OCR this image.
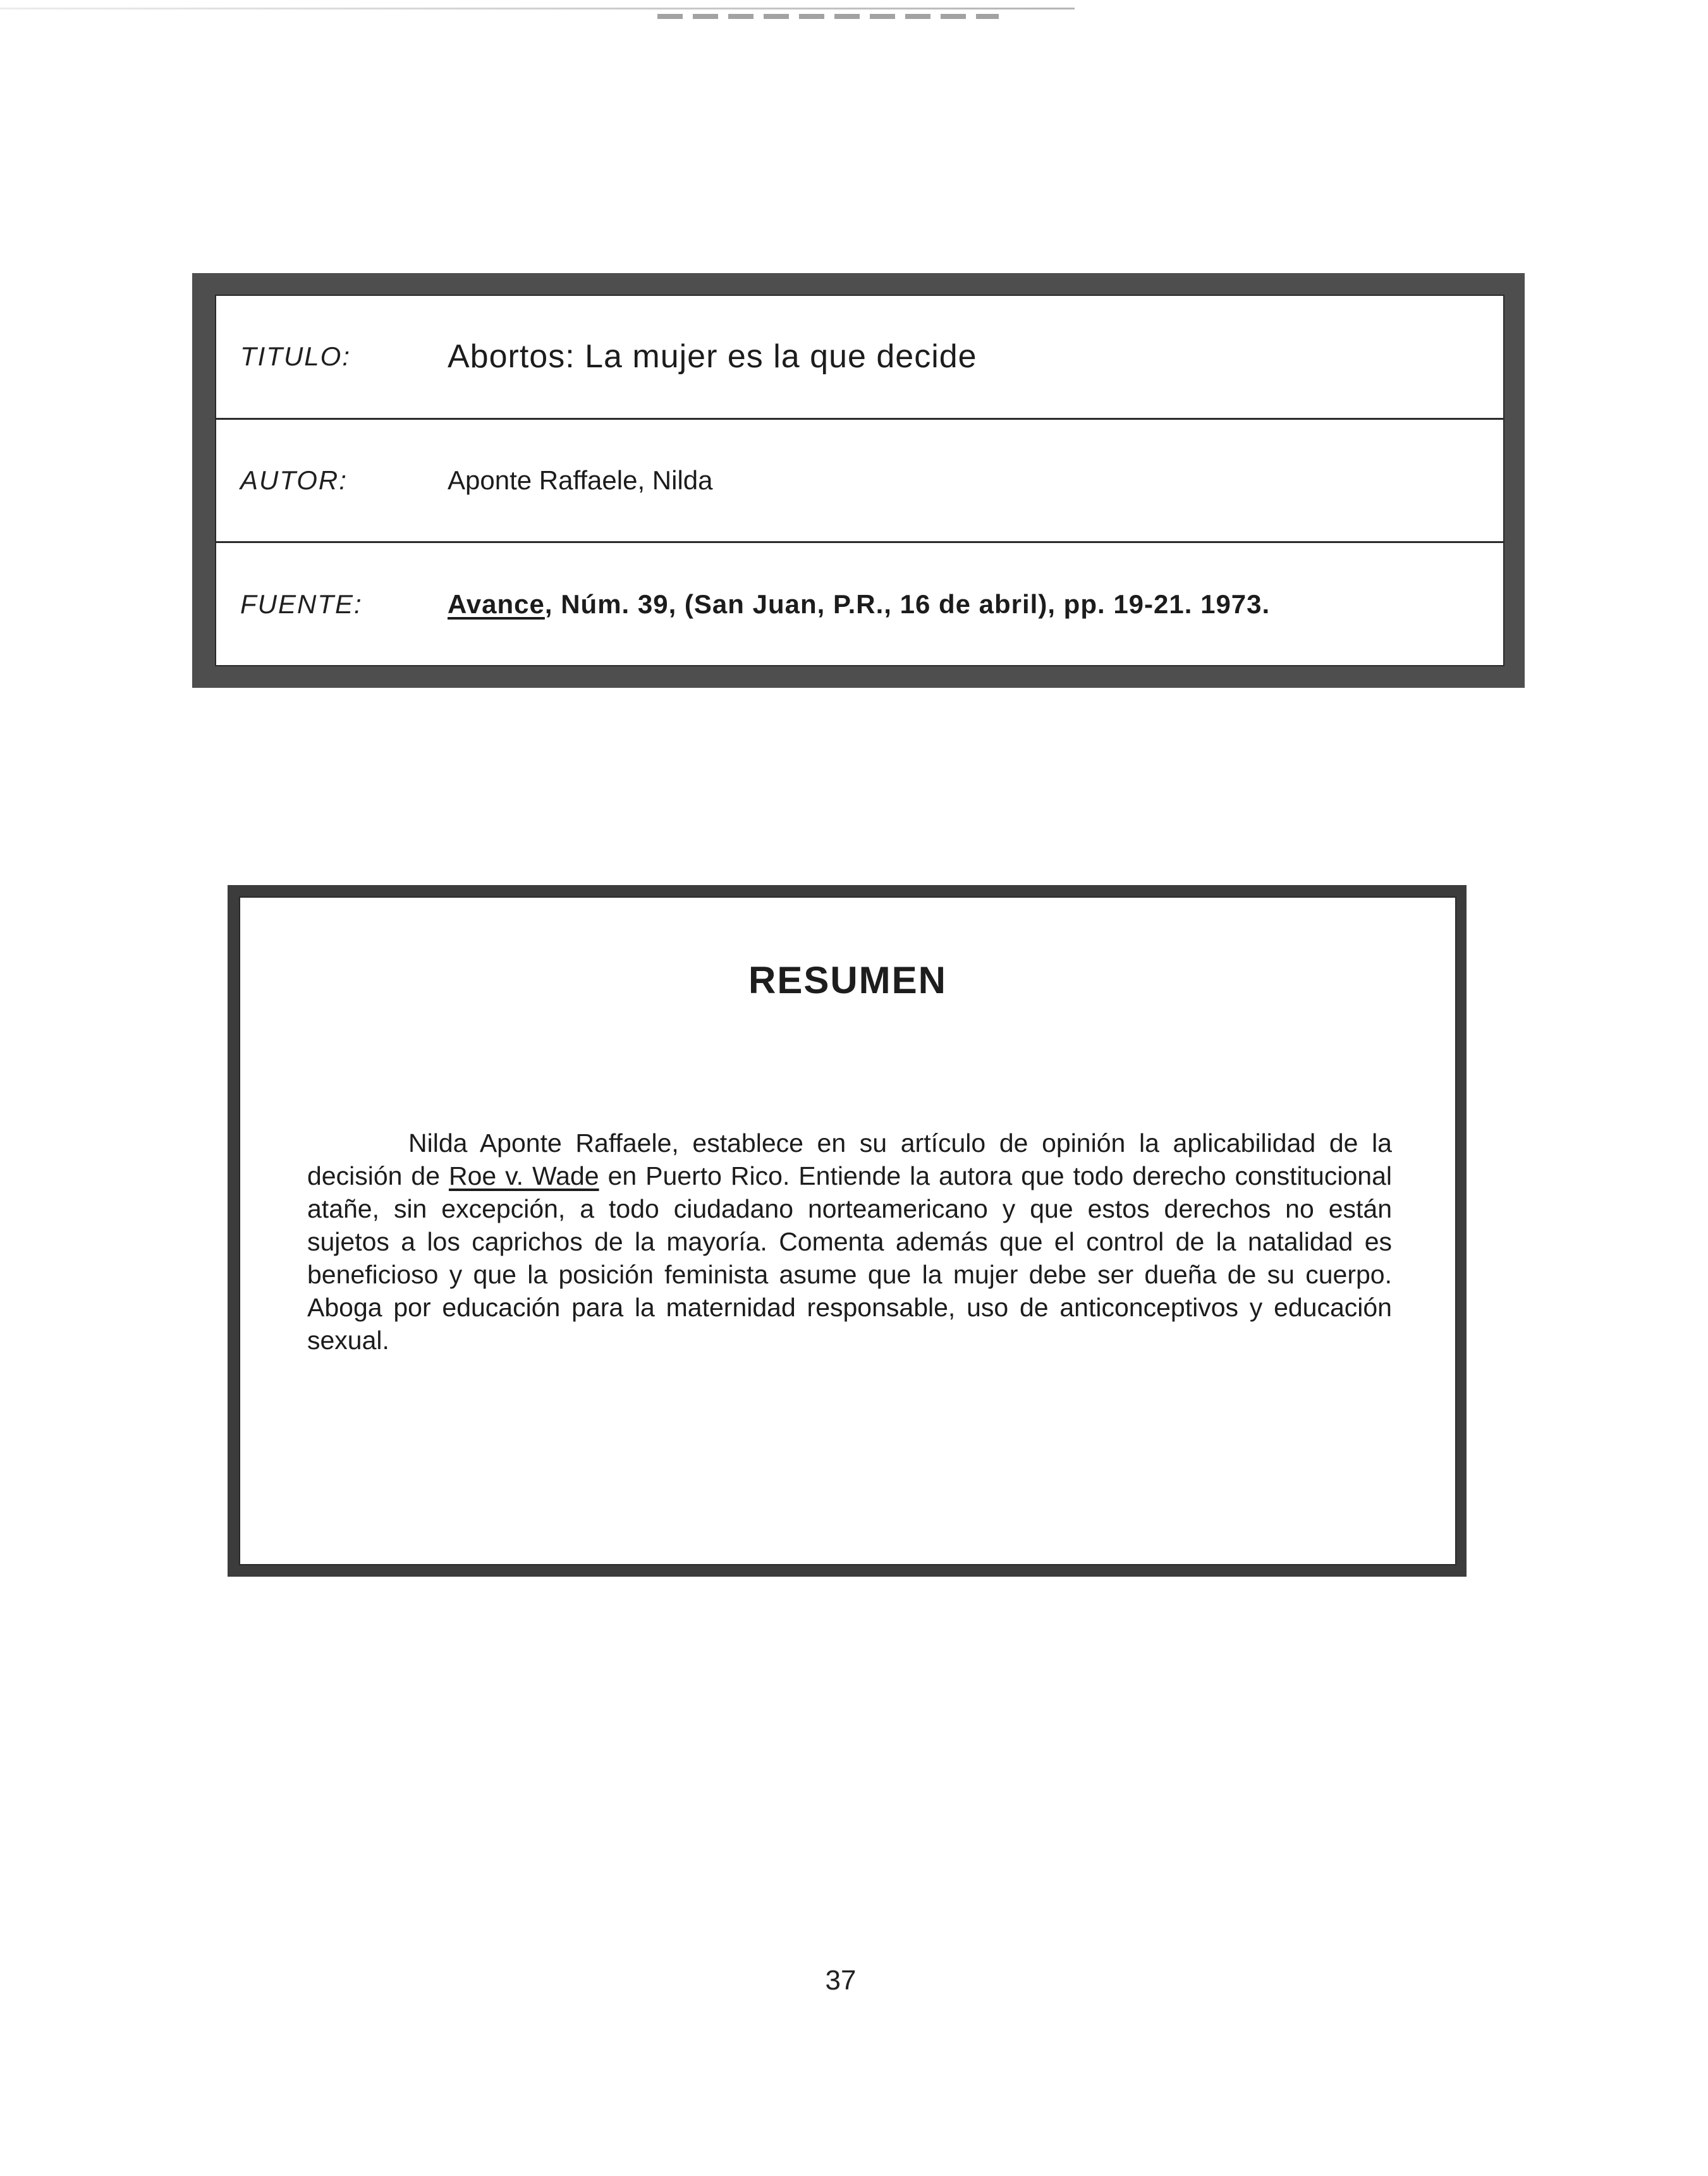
TITULO:	Abortos: La mujer es la que decide
AUTOR:	Aponte Raffaele, Nilda
FUENTE:	Avance, Núm. 39, (San Juan, P.R., 16 de abril), pp. 19-21. 1973.
RESUMEN
Nilda Aponte Raffaele, establece en su artículo de opinión la aplicabilidad de la decisión de Roe v. Wade en Puerto Rico. Entiende la autora que todo derecho constitucional atañe, sin excepción, a todo ciudadano norteamericano y que estos derechos no están sujetos a los caprichos de la mayoría. Comenta además que el control de la natalidad es beneficioso y que la posición feminista asume que la mujer debe ser dueña de su cuerpo. Aboga por educación para la maternidad responsable, uso de anticonceptivos y educación sexual.
37
